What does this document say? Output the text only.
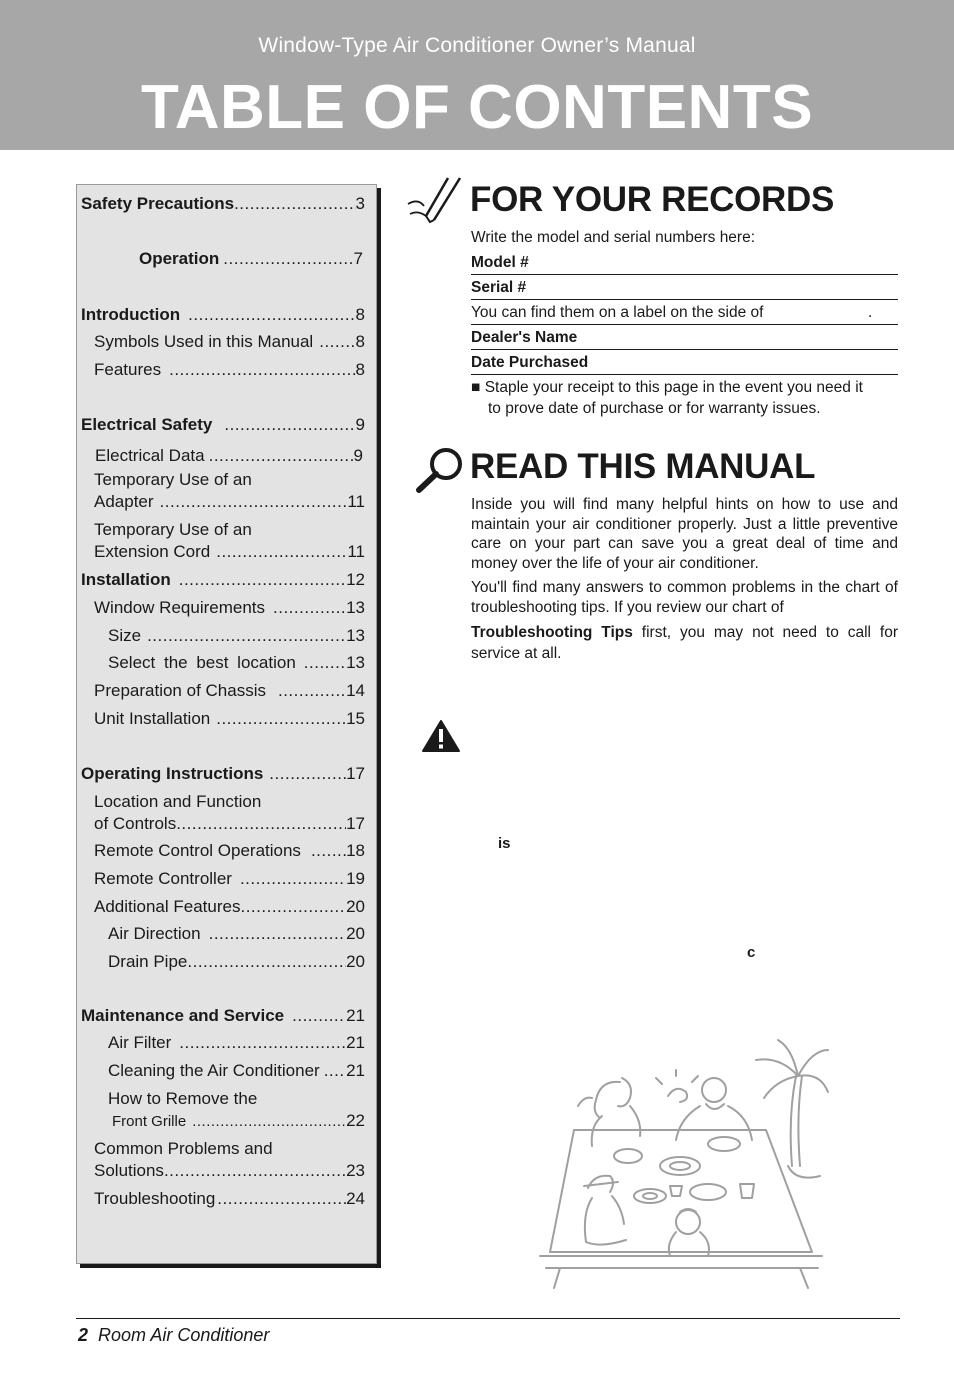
Window-Type Air Conditioner Owner’s Manual
TABLE OF CONTENTS
Safety Precautions .....	3
Operation .....	7
Introduction .....	8
Symbols Used in this Manual ..... 8
Features .....	8
Electrical Safety .....	9
Electrical Data .....	9
Temporary Use of an
Adapter .....	11
Temporary Use of an
Extension Cord .....	11
Installation .....	12
Window Requirements .....	13
Size .....	13
Select the best location .....	13
Preparation of Chassis .....	14
Unit Installation .....	15
Operating Instructions .....	17
Location and Function
of Controls .....	17
Remote Control Operations .....	18
Remote Controller .....	19
Additional Features .....	20
Air Direction .....	20
Drain Pipe .....	20
Maintenance and Service .....	21
Air Filter .....	21
Cleaning the Air Conditioner ..... 21
How to Remove the
Front Grille .....	22
Common Problems and
Solutions .....	23
Troubleshooting .....	24
FOR YOUR RECORDS
Write the model and serial numbers here:
Model #
Serial #
You can find them on a label on the side of	.
Dealer's Name
Date Purchased
■ Staple your receipt to this page in the event you need it
to prove date of purchase or for warranty issues.
READ THIS MANUAL
Inside you will find many helpful hints on how to use and maintain your air conditioner properly. Just a little preventive care on your part can save you a great deal of time and money over the life of your air conditioner.
You'll find many answers to common problems in the chart of troubleshooting tips. If you review our chart of
Troubleshooting Tips first, you may not need to call for service at all.
is
c
2 Room Air Conditioner
